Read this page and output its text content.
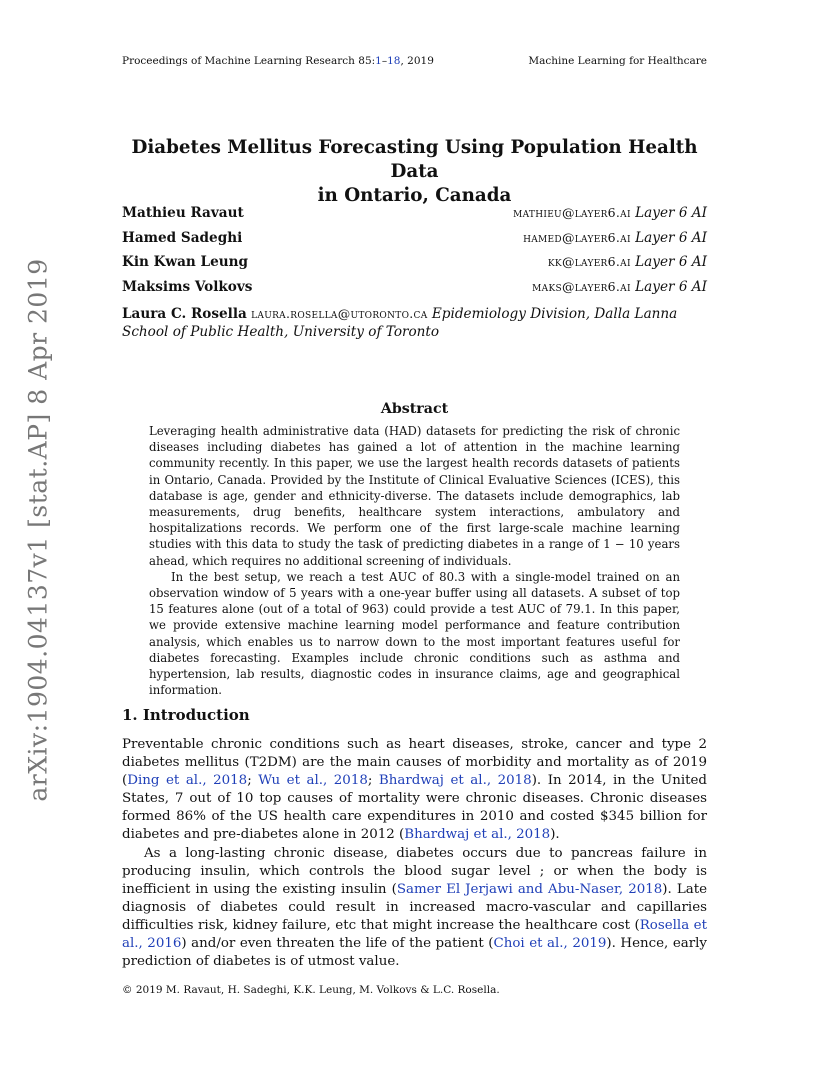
Proceedings of Machine Learning Research 85:1–18, 2019	Machine Learning for Healthcare
arXiv:1904.04137v1 [stat.AP] 8 Apr 2019
Diabetes Mellitus Forecasting Using Population Health Data
in Ontario, Canada
Mathieu Ravaut	mathieu@layer6.ai Layer 6 AI
Hamed Sadeghi	hamed@layer6.ai Layer 6 AI
Kin Kwan Leung	kk@layer6.ai Layer 6 AI
Maksims Volkovs	maks@layer6.ai Layer 6 AI
Laura C. Rosella laura.rosella@utoronto.ca Epidemiology Division, Dalla Lanna School of Public Health, University of Toronto
Abstract

Leveraging health administrative data (HAD) datasets for predicting the risk of chronic diseases including diabetes has gained a lot of attention in the machine learning community recently. In this paper, we use the largest health records datasets of patients in Ontario, Canada. Provided by the Institute of Clinical Evaluative Sciences (ICES), this database is age, gender and ethnicity-diverse. The datasets include demographics, lab measurements, drug benefits, healthcare system interactions, ambulatory and hospitalizations records. We perform one of the first large-scale machine learning studies with this data to study the task of predicting diabetes in a range of 1 − 10 years ahead, which requires no additional screening of individuals.

In the best setup, we reach a test AUC of 80.3 with a single-model trained on an observation window of 5 years with a one-year buffer using all datasets. A subset of top 15 features alone (out of a total of 963) could provide a test AUC of 79.1. In this paper, we provide extensive machine learning model performance and feature contribution analysis, which enables us to narrow down to the most important features useful for diabetes forecasting. Examples include chronic conditions such as asthma and hypertension, lab results, diagnostic codes in insurance claims, age and geographical information.

1. Introduction

Preventable chronic conditions such as heart diseases, stroke, cancer and type 2 diabetes mellitus (T2DM) are the main causes of morbidity and mortality as of 2019 (Ding et al., 2018; Wu et al., 2018; Bhardwaj et al., 2018). In 2014, in the United States, 7 out of 10 top causes of mortality were chronic diseases. Chronic diseases formed 86% of the US health care expenditures in 2010 and costed $345 billion for diabetes and pre-diabetes alone in 2012 (Bhardwaj et al., 2018).

As a long-lasting chronic disease, diabetes occurs due to pancreas failure in producing insulin, which controls the blood sugar level ; or when the body is inefficient in using the existing insulin (Samer El Jerjawi and Abu-Naser, 2018). Late diagnosis of diabetes could result in increased macro-vascular and capillaries difficulties risk, kidney failure, etc that might increase the healthcare cost (Rosella et al., 2016) and/or even threaten the life of the patient (Choi et al., 2019). Hence, early prediction of diabetes is of utmost value.

© 2019 M. Ravaut, H. Sadeghi, K.K. Leung, M. Volkovs & L.C. Rosella.
